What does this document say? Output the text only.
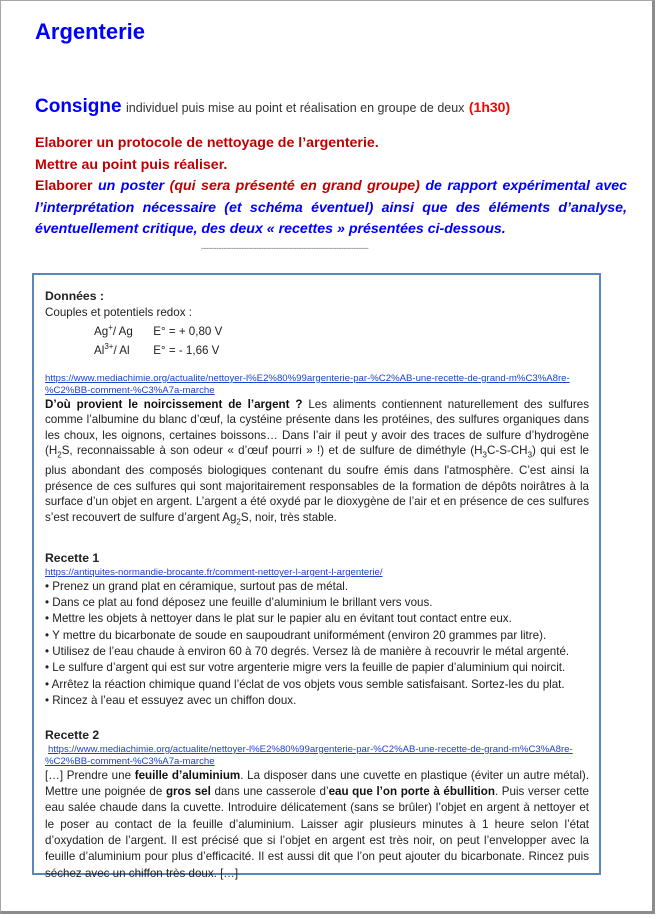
Argenterie
Consigne individuel puis mise au point et réalisation en groupe de deux (1h30)

Elaborer un protocole de nettoyage de l’argenterie.

Mettre au point puis réaliser.

Elaborer un poster (qui sera présenté en grand groupe) de rapport expérimental avec l’interprétation nécessaire (et schéma éventuel) ainsi que des éléments d’analyse, éventuellement critique, des deux « recettes » présentées ci-dessous.

-------------------------------------------------------------------
Données :
Couples et potentiels redox :
Ag+/ Ag E° = + 0,80 V
$Al^{3+}/$ Al E° = - 1,66 V
https://www.mediachimie.org/actualite/nettoyer-l%E2%80%99argenterie-par-%C2%AB-une-recette-de-grand-m%C3%A8re-
%C2%BB-comment-%C3%A7a-marche

D’où provient le noircissement de l’argent ? Les aliments contiennent naturellement des sulfures comme l’albumine du blanc d’œuf, la cystéine présente dans les protéines, des sulfures organiques dans les choux, les oignons, certaines boissons… Dans l’air il peut y avoir des traces de sulfure d’hydrogène ($H_2S$, reconnaissable à son odeur « d’œuf pourri » !) et de sulfure de diméthyle $(H_3C-S-CH_3)$ qui est le plus abondant des composés biologiques contenant du soufre émis dans l'atmosphère. C’est ainsi la présence de ces sulfures qui sont majoritairement responsables de la formation de dépôts noirâtres à la surface d’un objet en argent. L’argent a été oxydé par le dioxygène de l’air et en présence de ces sulfures s’est recouvert de sulfure d’argent $Ag_2S$, noir, très stable.

Recette 1
https://antiquites-normandie-brocante.fr/comment-nettoyer-l-argent-l-argenterie/
• Prenez un grand plat en céramique, surtout pas de métal.
• Dans ce plat au fond déposez une feuille d’aluminium le brillant vers vous.
• Mettre les objets à nettoyer dans le plat sur le papier alu en évitant tout contact entre eux.
• Y mettre du bicarbonate de soude en saupoudrant uniformément (environ 20 grammes par litre).
• Utilisez de l’eau chaude à environ 60 à 70 degrés. Versez là de manière à recouvrir le métal argenté.
• Le sulfure d’argent qui est sur votre argenterie migre vers la feuille de papier d’aluminium qui noircit.
• Arrêtez la réaction chimique quand l’éclat de vos objets vous semble satisfaisant. Sortez-les du plat.
• Rincez à l’eau et essuyez avec un chiffon doux.
Recette 2
https://www.mediachimie.org/actualite/nettoyer-l%E2%80%99argenterie-par-%C2%AB-une-recette-de-grand-m%C3%A8re-
%C2%BB-comment-%C3%A7a-marche

[…] Prendre une feuille d’aluminium. La disposer dans une cuvette en plastique (éviter un autre métal). Mettre une poignée de gros sel dans une casserole d’eau que l’on porte à ébullition. Puis verser cette eau salée chaude dans la cuvette. Introduire délicatement (sans se brûler) l’objet en argent à nettoyer et le poser au contact de la feuille d’aluminium. Laisser agir plusieurs minutes à 1 heure selon l’état d’oxydation de l’argent. Il est précisé que si l’objet en argent est très noir, on peut l’envelopper avec la feuille d’aluminium pour plus d’efficacité. Il est aussi dit que l’on peut ajouter du bicarbonate. Rincez puis séchez avec un chiffon très doux. […]
